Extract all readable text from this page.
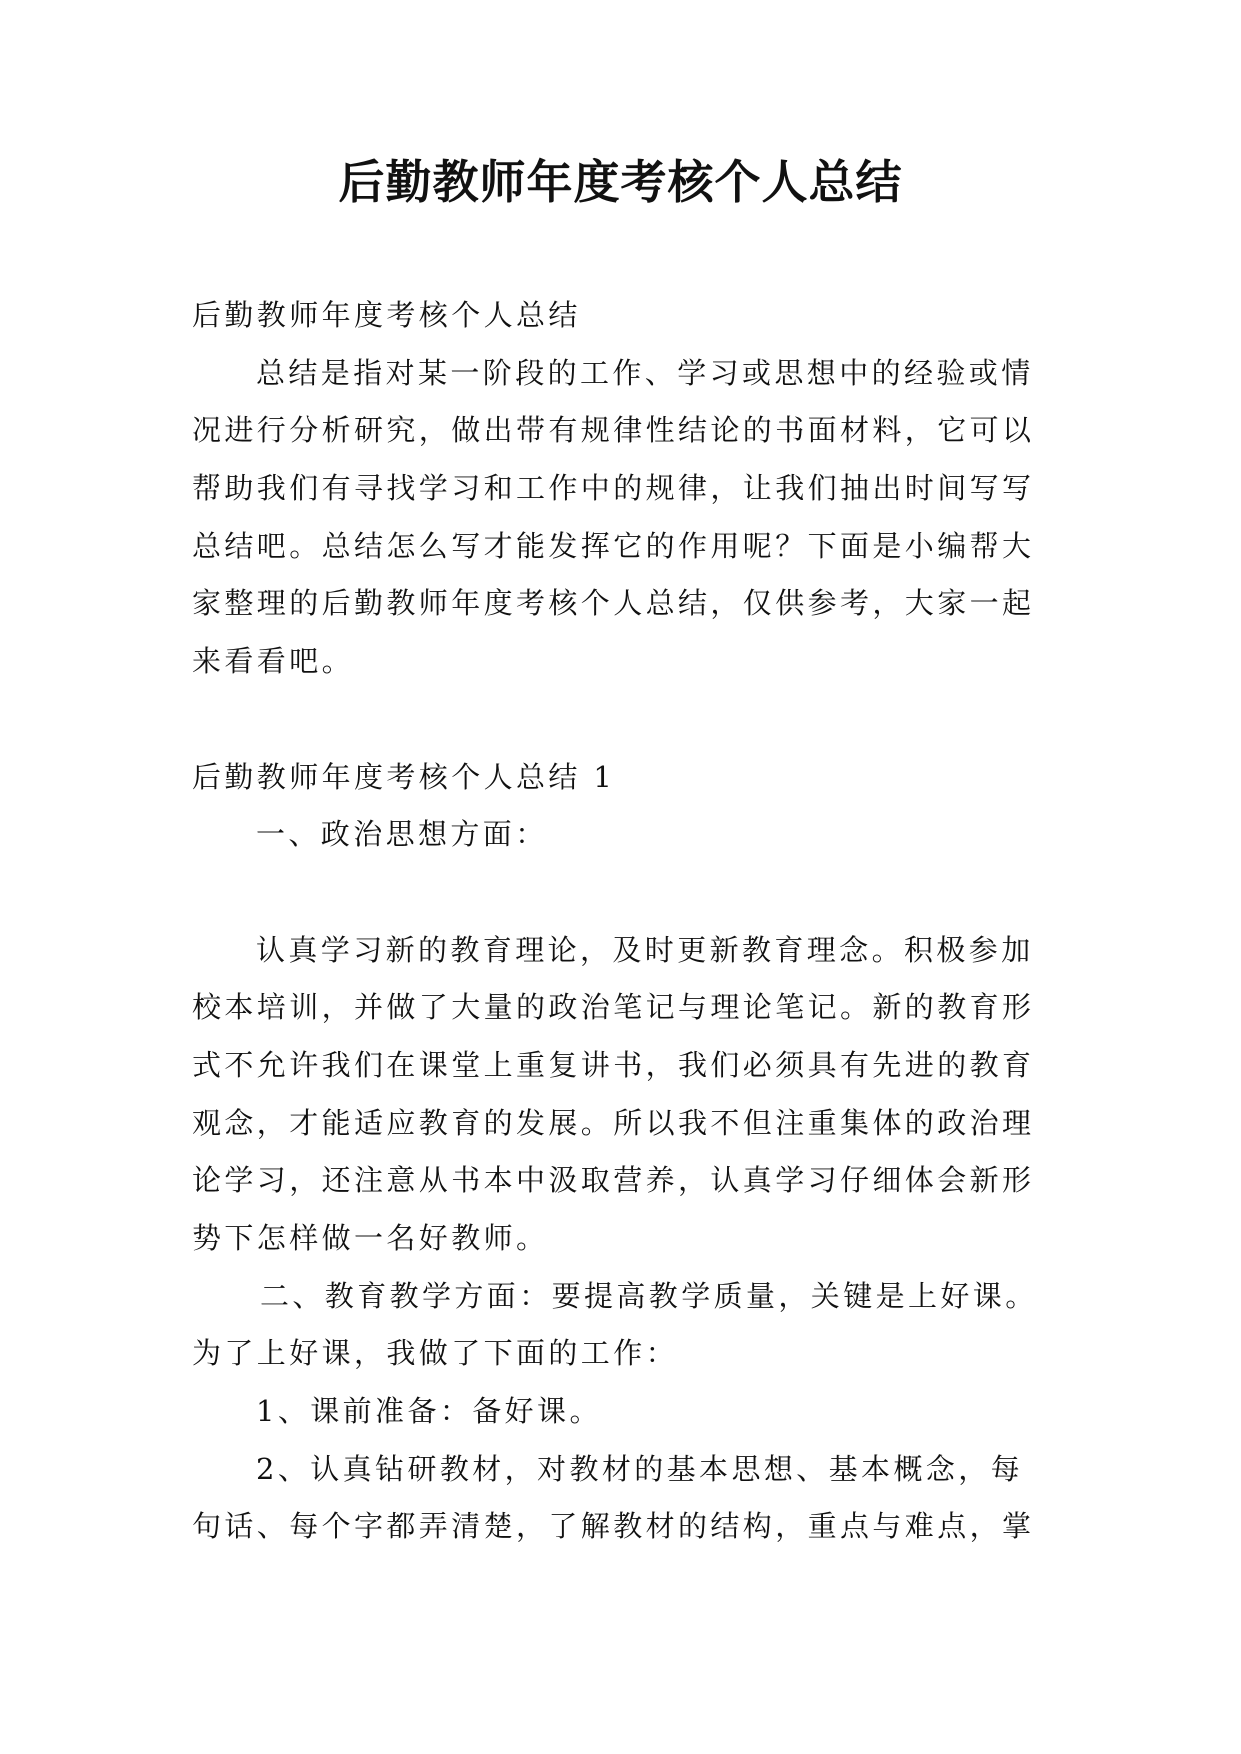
后勤教师年度考核个人总结
后勤教师年度考核个人总结
总结是指对某一阶段的工作、学习或思想中的经验或情
况进行分析研究，做出带有规律性结论的书面材料，它可以
帮助我们有寻找学习和工作中的规律，让我们抽出时间写写
总结吧。总结怎么写才能发挥它的作用呢？下面是小编帮大
家整理的后勤教师年度考核个人总结，仅供参考，大家一起
来看看吧。
后勤教师年度考核个人总结 1
一、政治思想方面：
认真学习新的教育理论，及时更新教育理念。积极参加
校本培训，并做了大量的政治笔记与理论笔记。新的教育形
式不允许我们在课堂上重复讲书，我们必须具有先进的教育
观念，才能适应教育的发展。所以我不但注重集体的政治理
论学习，还注意从书本中汲取营养，认真学习仔细体会新形
势下怎样做一名好教师。
二、教育教学方面：要提高教学质量，关键是上好课。
为了上好课，我做了下面的工作：
1、课前准备：备好课。
2、认真钻研教材，对教材的基本思想、基本概念，每
句话、每个字都弄清楚，了解教材的结构，重点与难点，掌
